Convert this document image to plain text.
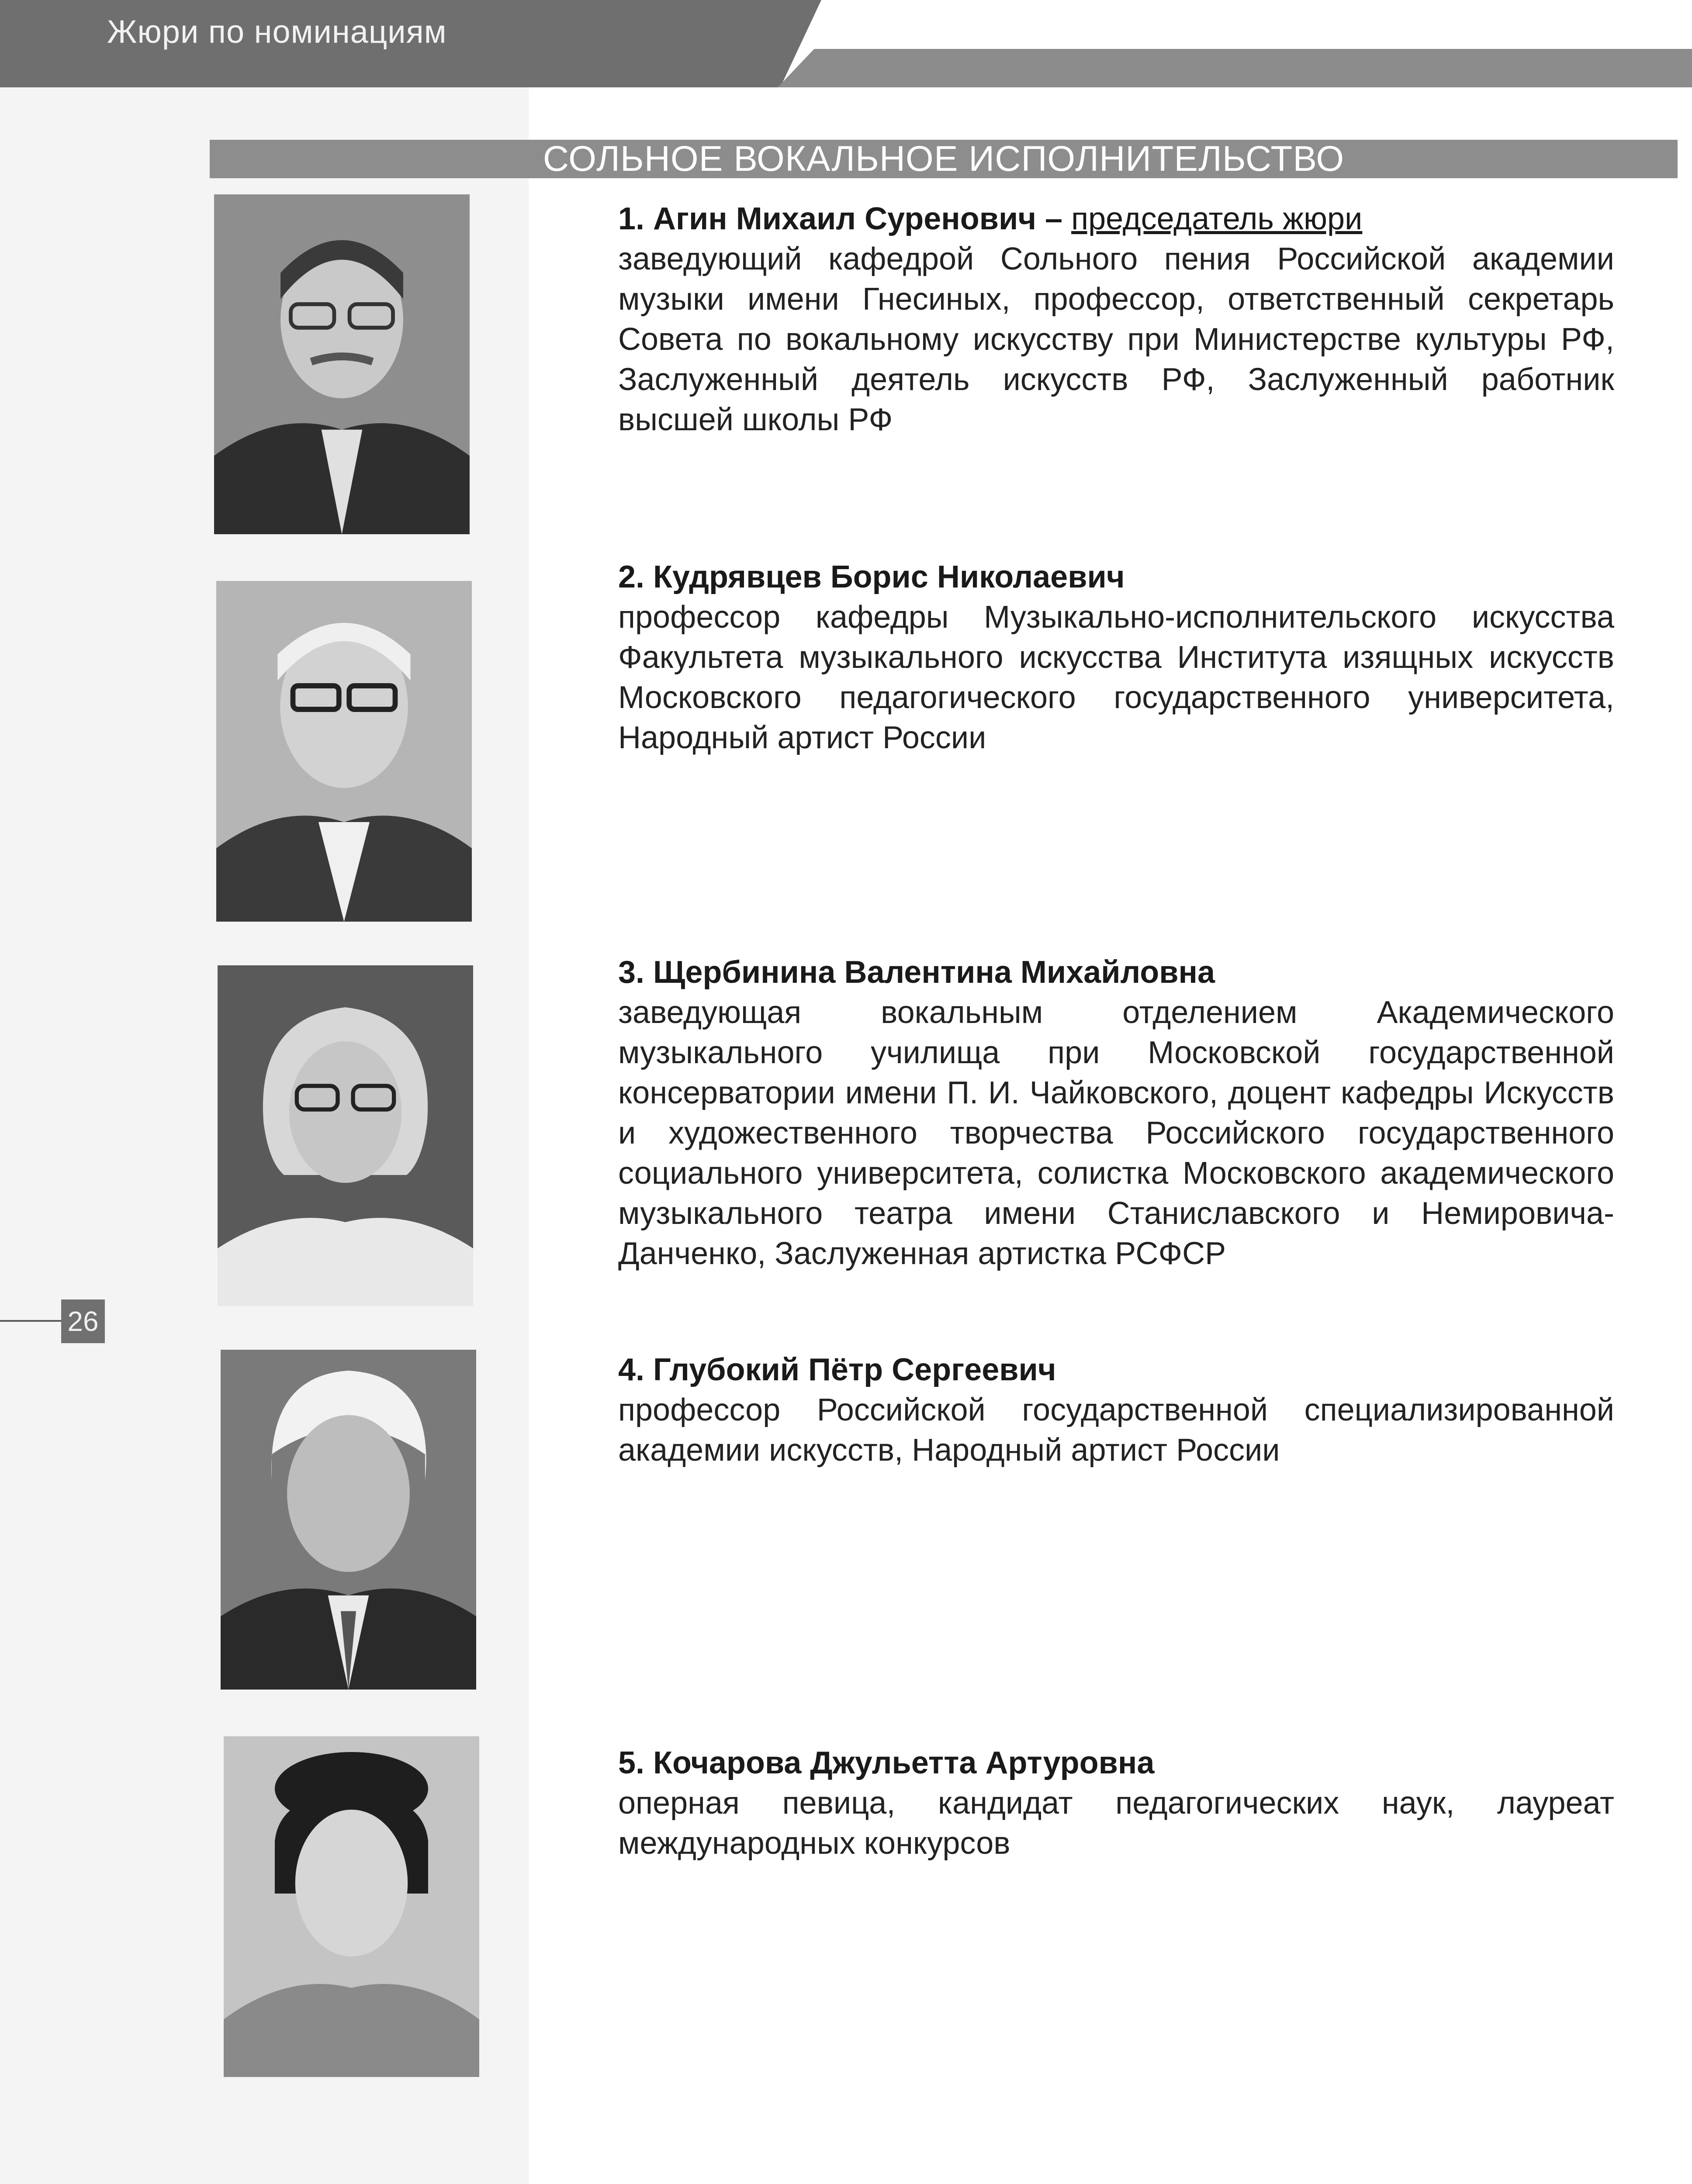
Жюри по номинациям
СОЛЬНОЕ ВОКАЛЬНОЕ ИСПОЛНИТЕЛЬСТВО
1. Агин Михаил Суренович – председатель жюри
заведующий кафедрой Сольного пения Российской академии музыки имени Гнесиных, профессор, ответственный секретарь Совета по вокальному искусству при Министерстве культуры РФ, Заслуженный деятель искусств РФ, Заслуженный работник высшей школы РФ
2. Кудрявцев Борис Николаевич
профессор кафедры Музыкально-исполнительского искусства Факультета музыкального искусства Института изящных искусств Московского педагогического государственного университета, Народный артист России
3. Щербинина Валентина Михайловна
заведующая вокальным отделением Академического музыкального училища при Московской государственной консерватории имени П. И. Чайковского, доцент кафедры Искусств и художественного творчества Российского государственного социального университета, солистка Московского академического музыкального театра имени Станиславского и Немировича-Данченко, Заслуженная артистка РСФСР
4. Глубокий Пётр Сергеевич
профессор Российской государственной специализированной академии искусств, Народный артист России
5. Кочарова Джульетта Артуровна
оперная певица, кандидат педагогических наук, лауреат международных конкурсов
26
